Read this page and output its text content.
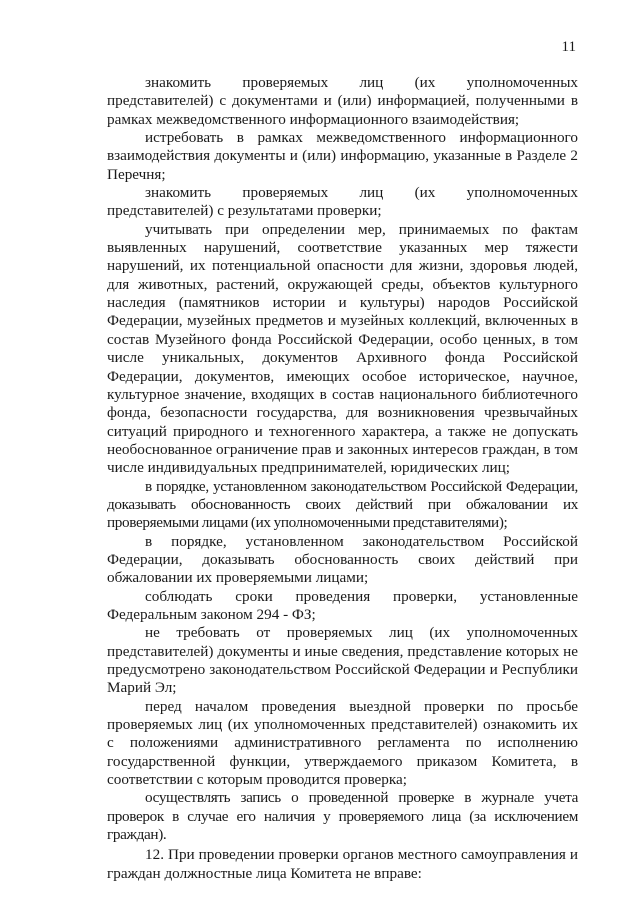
11

знакомить проверяемых лиц (их уполномоченных представителей) с документами и (или) информацией, полученными в рамках межведомственного информационного взаимодействия;

истребовать в рамках межведомственного информационного взаимодействия документы и (или) информацию, указанные в Разделе 2 Перечня;

знакомить проверяемых лиц (их уполномоченных представителей) с результатами проверки;

учитывать при определении мер, принимаемых по фактам выявленных нарушений, соответствие указанных мер тяжести нарушений, их потенциальной опасности для жизни, здоровья людей, для животных, растений, окружающей среды, объектов культурного наследия (памятников истории и культуры) народов Российской Федерации, музейных предметов и музейных коллекций, включенных в состав Музейного фонда Российской Федерации, особо ценных, в том числе уникальных, документов Архивного фонда Российской Федерации, документов, имеющих особое историческое, научное, культурное значение, входящих в состав национального библиотечного фонда, безопасности государства, для возникновения чрезвычайных ситуаций природного и техногенного характера, а также не допускать необоснованное ограничение прав и законных интересов граждан, в том числе индивидуальных предпринимателей, юридических лиц;

в порядке, установленном законодательством Российской Федерации, доказывать обоснованность своих действий при обжаловании их проверяемыми лицами (их уполномоченными представителями);

в порядке, установленном законодательством Российской Федерации, доказывать обоснованность своих действий при обжаловании их проверяемыми лицами;

соблюдать сроки проведения проверки, установленные Федеральным законом 294 - ФЗ;

не требовать от проверяемых лиц (их уполномоченных представителей) документы и иные сведения, представление которых не предусмотрено законодательством Российской Федерации и Республики Марий Эл;

перед началом проведения выездной проверки по просьбе проверяемых лиц (их уполномоченных представителей) ознакомить их с положениями административного регламента по исполнению государственной функции, утверждаемого приказом Комитета, в соответствии с которым проводится проверка;

осуществлять запись о проведенной проверке в журнале учета проверок в случае его наличия у проверяемого лица (за исключением граждан).

12. При проведении проверки органов местного самоуправления и граждан должностные лица Комитета не вправе:
